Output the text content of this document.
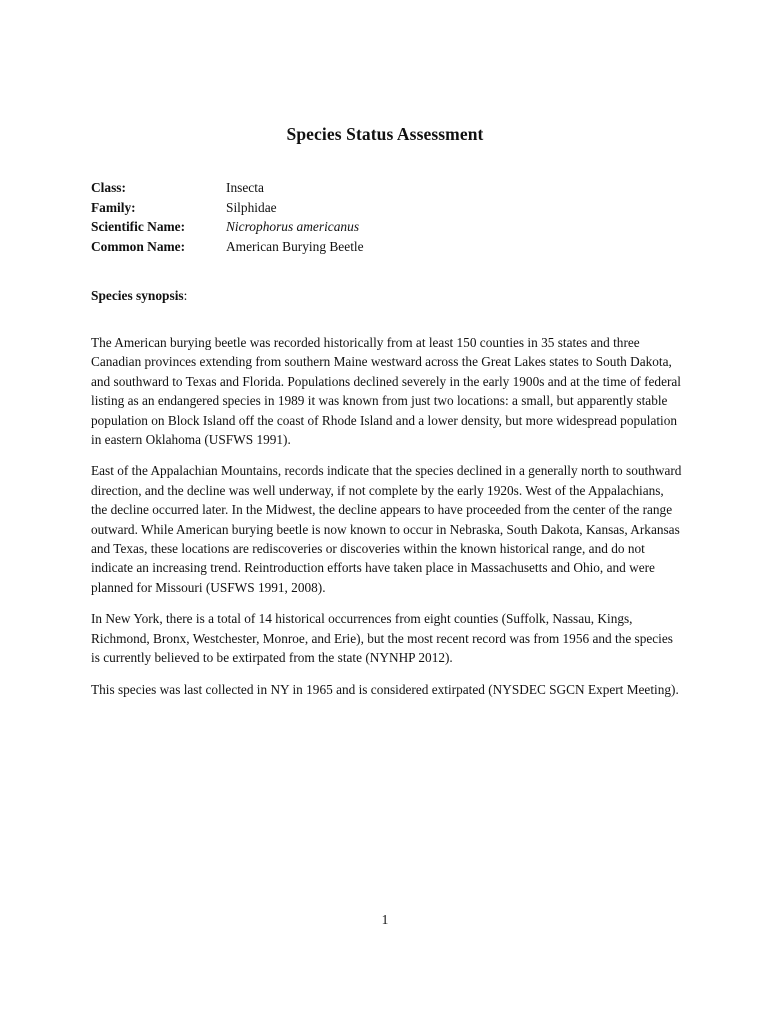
Species Status Assessment
Class:	Insecta
Family:	Silphidae
Scientific Name:	Nicrophorus americanus
Common Name:	American Burying Beetle
Species synopsis:

The American burying beetle was recorded historically from at least 150 counties in 35 states and three Canadian provinces extending from southern Maine westward across the Great Lakes states to South Dakota, and southward to Texas and Florida. Populations declined severely in the early 1900s and at the time of federal listing as an endangered species in 1989 it was known from just two locations: a small, but apparently stable population on Block Island off the coast of Rhode Island and a lower density, but more widespread population in eastern Oklahoma (USFWS 1991).

East of the Appalachian Mountains, records indicate that the species declined in a generally north to southward direction, and the decline was well underway, if not complete by the early 1920s. West of the Appalachians, the decline occurred later. In the Midwest, the decline appears to have proceeded from the center of the range outward. While American burying beetle is now known to occur in Nebraska, South Dakota, Kansas, Arkansas and Texas, these locations are rediscoveries or discoveries within the known historical range, and do not indicate an increasing trend. Reintroduction efforts have taken place in Massachusetts and Ohio, and were planned for Missouri (USFWS 1991, 2008).

In New York, there is a total of 14 historical occurrences from eight counties (Suffolk, Nassau, Kings, Richmond, Bronx, Westchester, Monroe, and Erie), but the most recent record was from 1956 and the species is currently believed to be extirpated from the state (NYNHP 2012).

This species was last collected in NY in 1965 and is considered extirpated (NYSDEC SGCN Expert Meeting).

1
